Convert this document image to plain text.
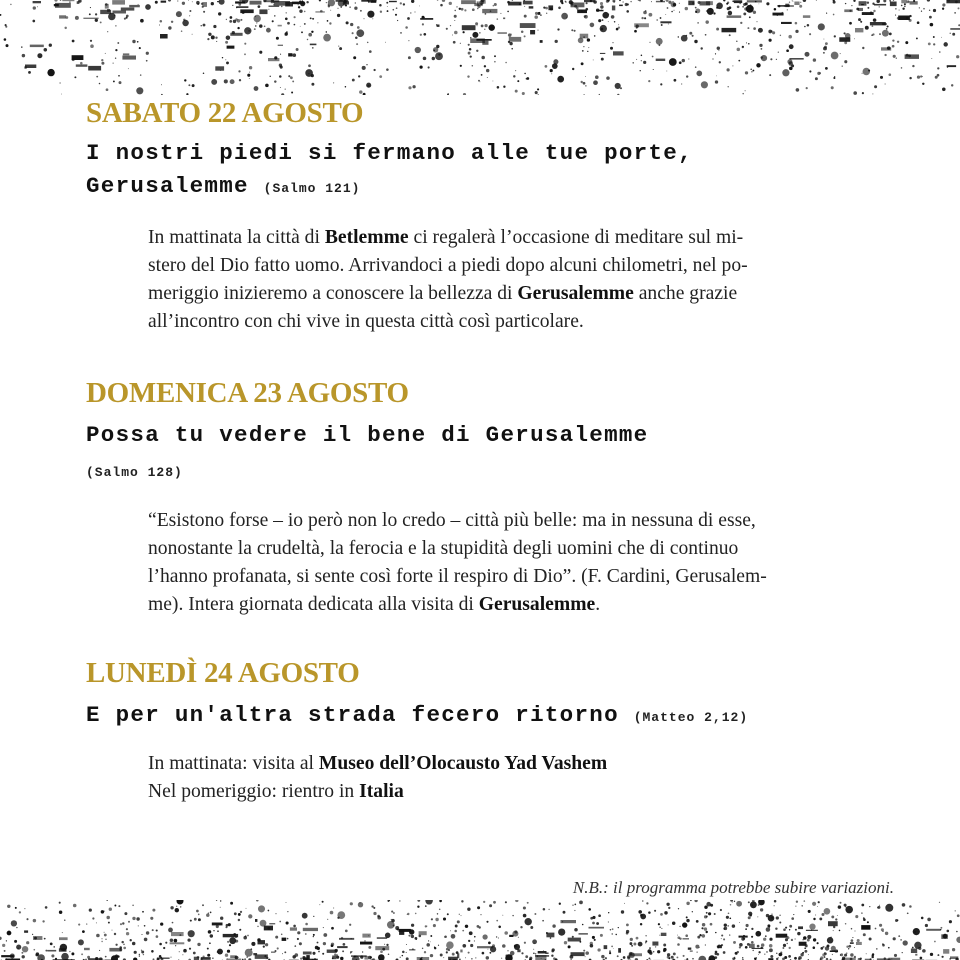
SABATO 22 AGOSTO
I nostri piedi si fermano alle tue porte,
Gerusalemme (Salmo 121)
In mattinata la città di Betlemme ci regalerà l’occasione di meditare sul mi-
stero del Dio fatto uomo. Arrivandoci a piedi dopo alcuni chilometri, nel po-
meriggio inizieremo a conoscere la bellezza di Gerusalemme anche grazie
all’incontro con chi vive in questa città così particolare.
DOMENICA 23 AGOSTO
Possa tu vedere il bene di Gerusalemme
(Salmo 128)
“Esistono forse – io però non lo credo – città più belle: ma in nessuna di esse,
nonostante la crudeltà, la ferocia e la stupidità degli uomini che di continuo
l’hanno profanata, si sente così forte il respiro di Dio”. (F. Cardini, Gerusalem-
me). Intera giornata dedicata alla visita di Gerusalemme.
LUNEDÌ 24 AGOSTO
E per un'altra strada fecero ritorno (Matteo 2,12)
In mattinata: visita al Museo dell’Olocausto Yad Vashem
Nel pomeriggio: rientro in Italia
N.B.: il programma potrebbe subire variazioni.
